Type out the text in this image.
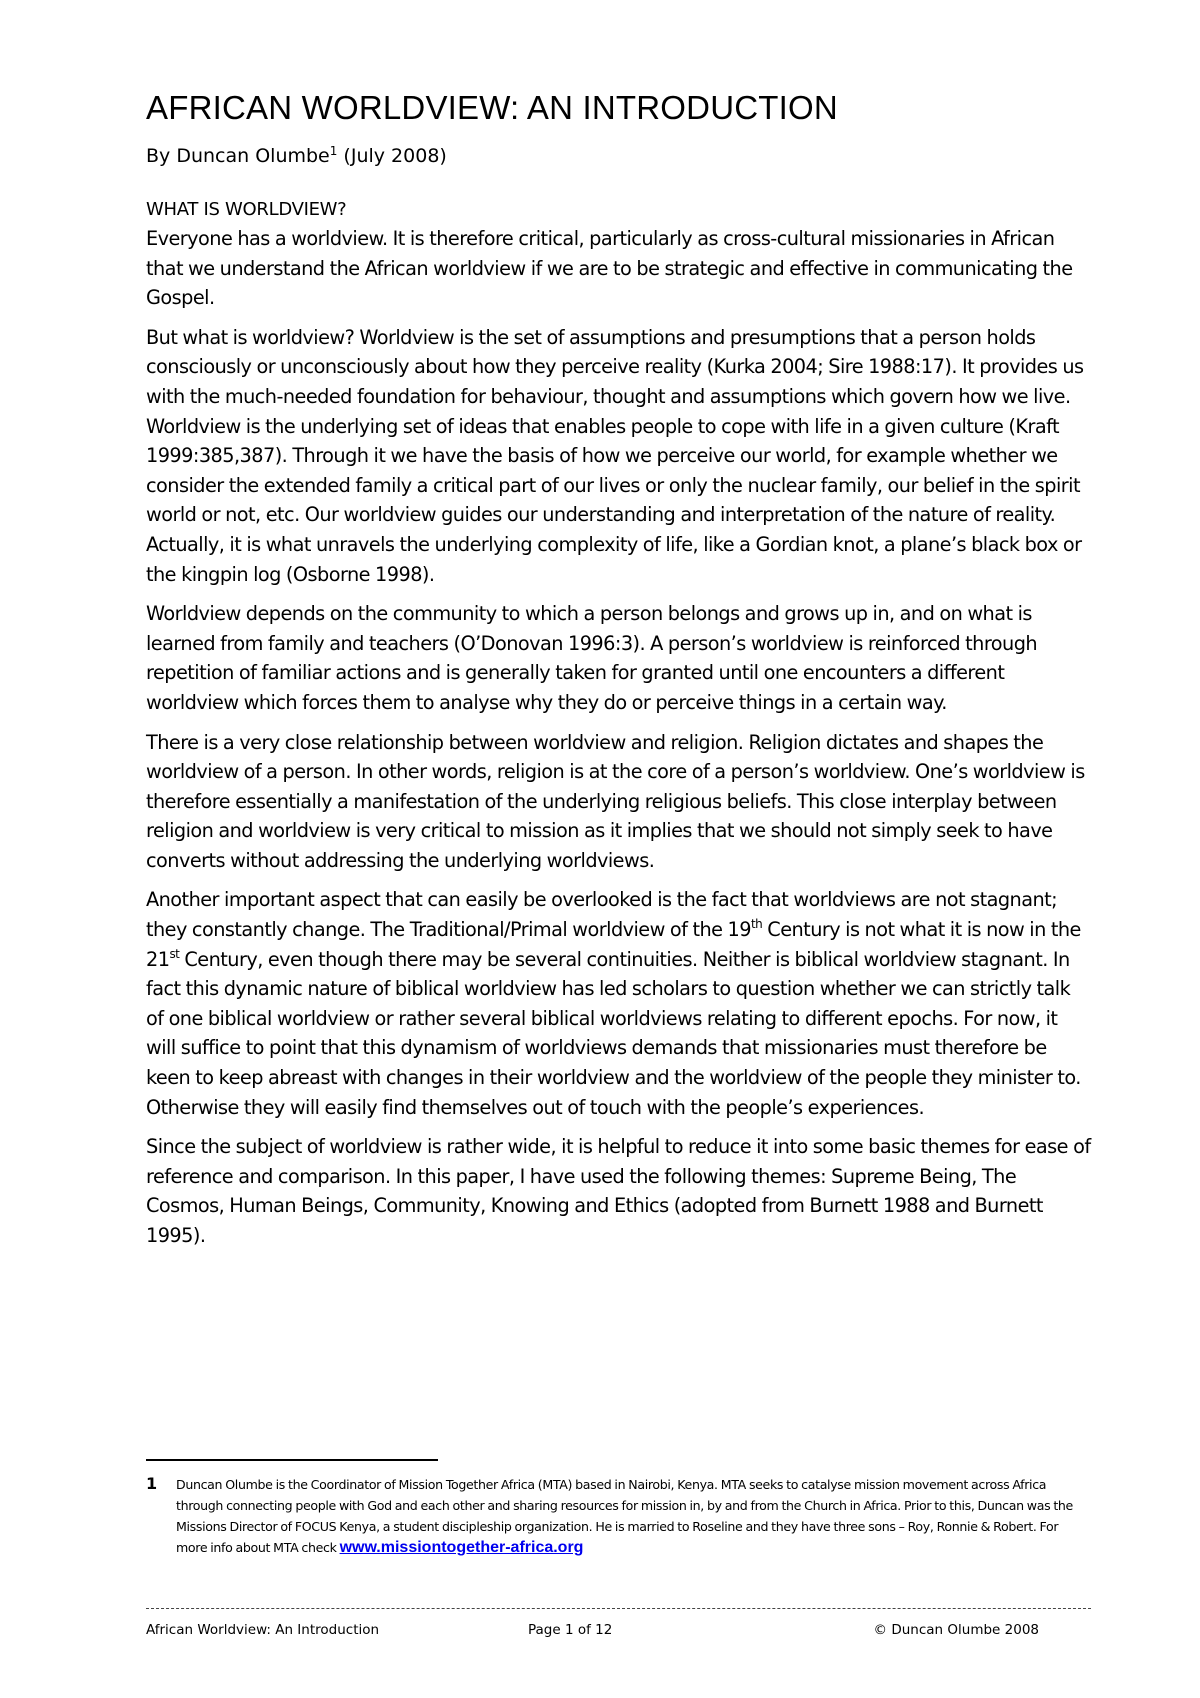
AFRICAN WORLDVIEW: AN INTRODUCTION

By Duncan Olumbe$^1$ (July 2008)

WHAT IS WORLDVIEW?

Everyone has a worldview. It is therefore critical, particularly as cross-cultural missionaries in African that we understand the African worldview if we are to be strategic and effective in communicating the Gospel.

But what is worldview? Worldview is the set of assumptions and presumptions that a person holds consciously or unconsciously about how they perceive reality (Kurka 2004; Sire 1988:17). It provides us with the much-needed foundation for behaviour, thought and assumptions which govern how we live. Worldview is the underlying set of ideas that enables people to cope with life in a given culture (Kraft 1999:385,387). Through it we have the basis of how we perceive our world, for example whether we consider the extended family a critical part of our lives or only the nuclear family, our belief in the spirit world or not, etc. Our worldview guides our understanding and interpretation of the nature of reality. Actually, it is what unravels the underlying complexity of life, like a Gordian knot, a plane’s black box or the kingpin log (Osborne 1998).

Worldview depends on the community to which a person belongs and grows up in, and on what is learned from family and teachers (O’Donovan 1996:3). A person’s worldview is reinforced through repetition of familiar actions and is generally taken for granted until one encounters a different worldview which forces them to analyse why they do or perceive things in a certain way.

There is a very close relationship between worldview and religion. Religion dictates and shapes the worldview of a person. In other words, religion is at the core of a person’s worldview. One’s worldview is therefore essentially a manifestation of the underlying religious beliefs. This close interplay between religion and worldview is very critical to mission as it implies that we should not simply seek to have converts without addressing the underlying worldviews.

Another important aspect that can easily be overlooked is the fact that worldviews are not stagnant; they constantly change. The Traditional/Primal worldview of the 19th Century is not what it is now in the 21st Century, even though there may be several continuities. Neither is biblical worldview stagnant. In fact this dynamic nature of biblical worldview has led scholars to question whether we can strictly talk of one biblical worldview or rather several biblical worldviews relating to different epochs. For now, it will suffice to point that this dynamism of worldviews demands that missionaries must therefore be keen to keep abreast with changes in their worldview and the worldview of the people they minister to. Otherwise they will easily find themselves out of touch with the people’s experiences.

Since the subject of worldview is rather wide, it is helpful to reduce it into some basic themes for ease of reference and comparison. In this paper, I have used the following themes: Supreme Being, The Cosmos, Human Beings, Community, Knowing and Ethics (adopted from Burnett 1988 and Burnett 1995).

1	Duncan Olumbe is the Coordinator of Mission Together Africa (MTA) based in Nairobi, Kenya. MTA seeks to catalyse mission movement across Africa through connecting people with God and each other and sharing resources for mission in, by and from the Church in Africa. Prior to this, Duncan was the Missions Director of FOCUS Kenya, a student discipleship organization. He is married to Roseline and they have three sons – Roy, Ronnie & Robert. For more info about MTA check www.missiontogether-africa.org
African Worldview: An Introduction	Page 1 of 12	© Duncan Olumbe 2008
